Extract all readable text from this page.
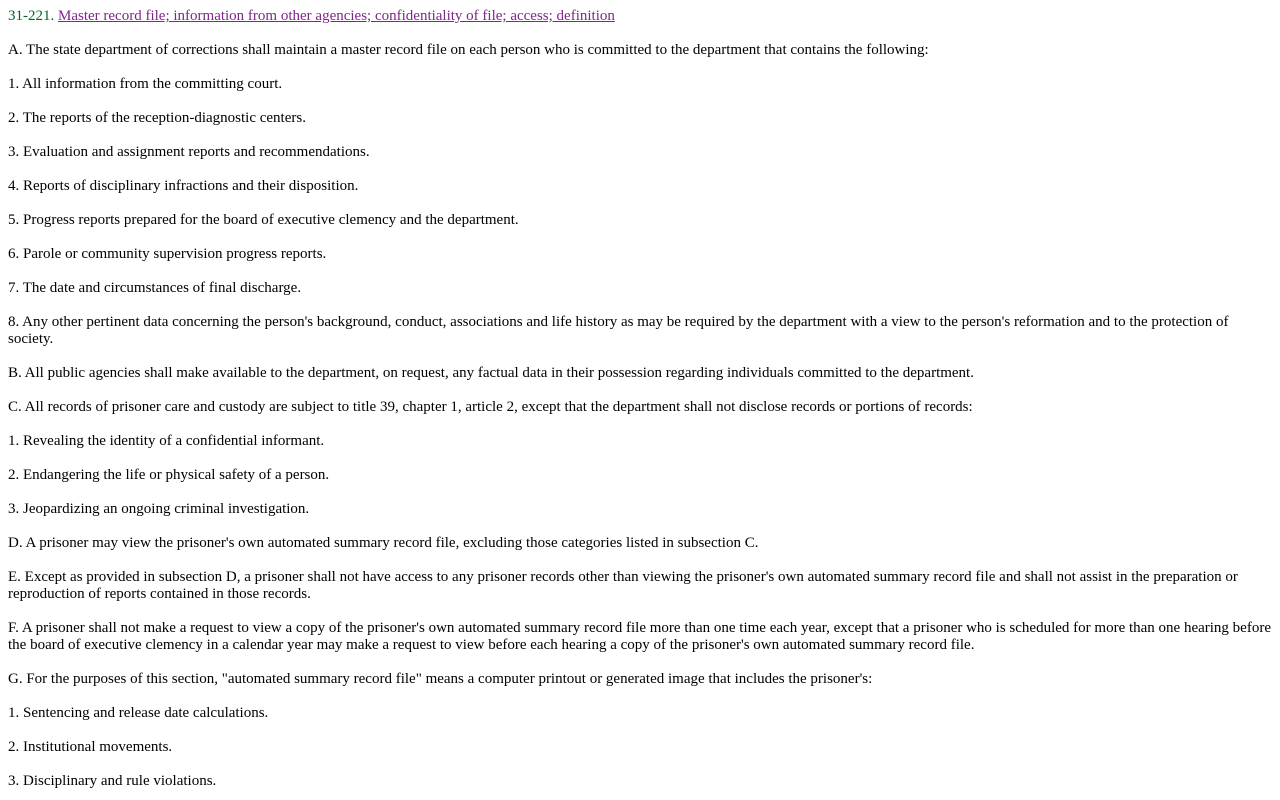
31-221. Master record file; information from other agencies; confidentiality of file; access; definition

A. The state department of corrections shall maintain a master record file on each person who is committed to the department that contains the following:

1. All information from the committing court.

2. The reports of the reception-diagnostic centers.

3. Evaluation and assignment reports and recommendations.

4. Reports of disciplinary infractions and their disposition.

5. Progress reports prepared for the board of executive clemency and the department.

6. Parole or community supervision progress reports.

7. The date and circumstances of final discharge.

8. Any other pertinent data concerning the person's background, conduct, associations and life history as may be required by the department with a view to the person's reformation and to the protection of society.

B. All public agencies shall make available to the department, on request, any factual data in their possession regarding individuals committed to the department.

C. All records of prisoner care and custody are subject to title 39, chapter 1, article 2, except that the department shall not disclose records or portions of records:

1. Revealing the identity of a confidential informant.

2. Endangering the life or physical safety of a person.

3. Jeopardizing an ongoing criminal investigation.

D. A prisoner may view the prisoner's own automated summary record file, excluding those categories listed in subsection C.

E. Except as provided in subsection D, a prisoner shall not have access to any prisoner records other than viewing the prisoner's own automated summary record file and shall not assist in the preparation or reproduction of reports contained in those records.

F. A prisoner shall not make a request to view a copy of the prisoner's own automated summary record file more than one time each year, except that a prisoner who is scheduled for more than one hearing before the board of executive clemency in a calendar year may make a request to view before each hearing a copy of the prisoner's own automated summary record file.

G. For the purposes of this section, "automated summary record file" means a computer printout or generated image that includes the prisoner's:

1. Sentencing and release date calculations.

2. Institutional movements.

3. Disciplinary and rule violations.
